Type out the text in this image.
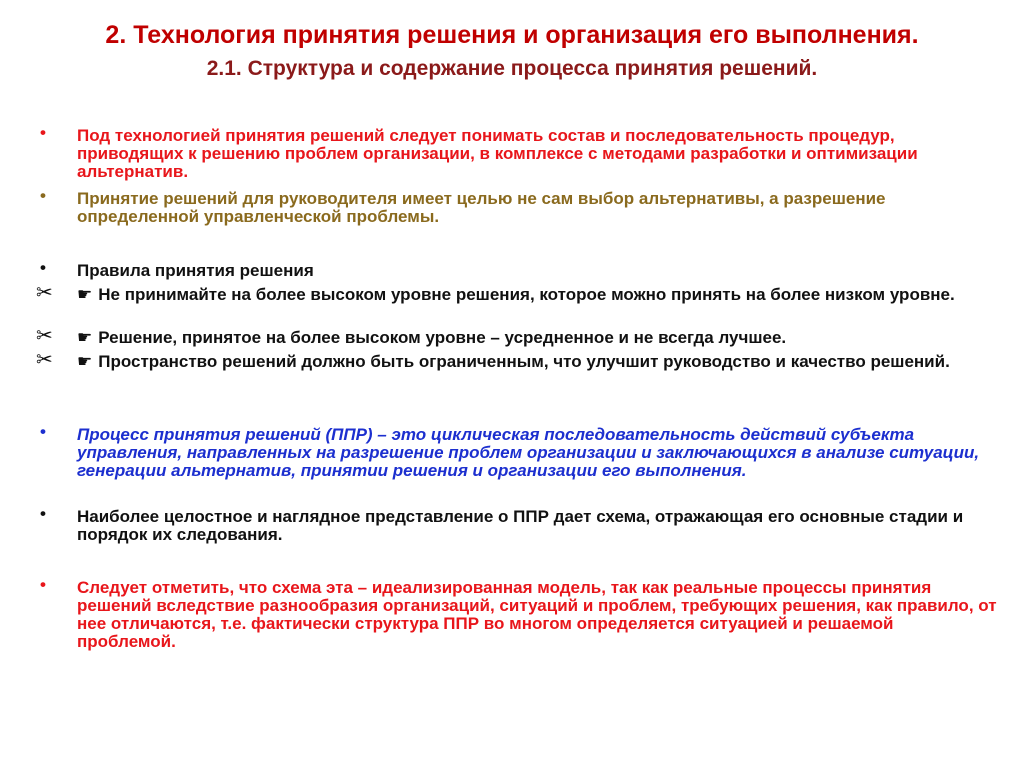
2. Технология принятия решения и организация его выполнения.
2.1. Структура и содержание процесса принятия решений.
• Под технологией принятия решений следует понимать состав и последовательность процедур, приводящих к решению проблем организации, в комплексе с методами разработки и оптимизации альтернатив.

• Принятие решений для руководителя имеет целью не сам выбор альтернативы, а разрешение определенной управленческой проблемы.

• Правила принятия решения

✂ ☛ Не принимайте на более высоком уровне решения, которое можно принять на более низком уровне.

✂ ☛ Решение, принятое на более высоком уровне – усредненное и не всегда лучшее.

✂ ☛ Пространство решений должно быть ограниченным, что улучшит руководство и качество решений.

• Процесс принятия решений (ППР) – это циклическая последовательность действий субъекта управления, направленных на разрешение проблем организации и заключающихся в анализе ситуации, генерации альтернатив, принятии решения и организации его выполнения.

• Наиболее целостное и наглядное представление о ППР дает схема, отражающая его основные стадии и порядок их следования.

• Следует отметить, что схема эта – идеализированная модель, так как реальные процессы принятия решений вследствие разнообразия организаций, ситуаций и проблем, требующих решения, как правило, от нее отличаются, т.е. фактически структура ППР во многом определяется ситуацией и решаемой проблемой.
